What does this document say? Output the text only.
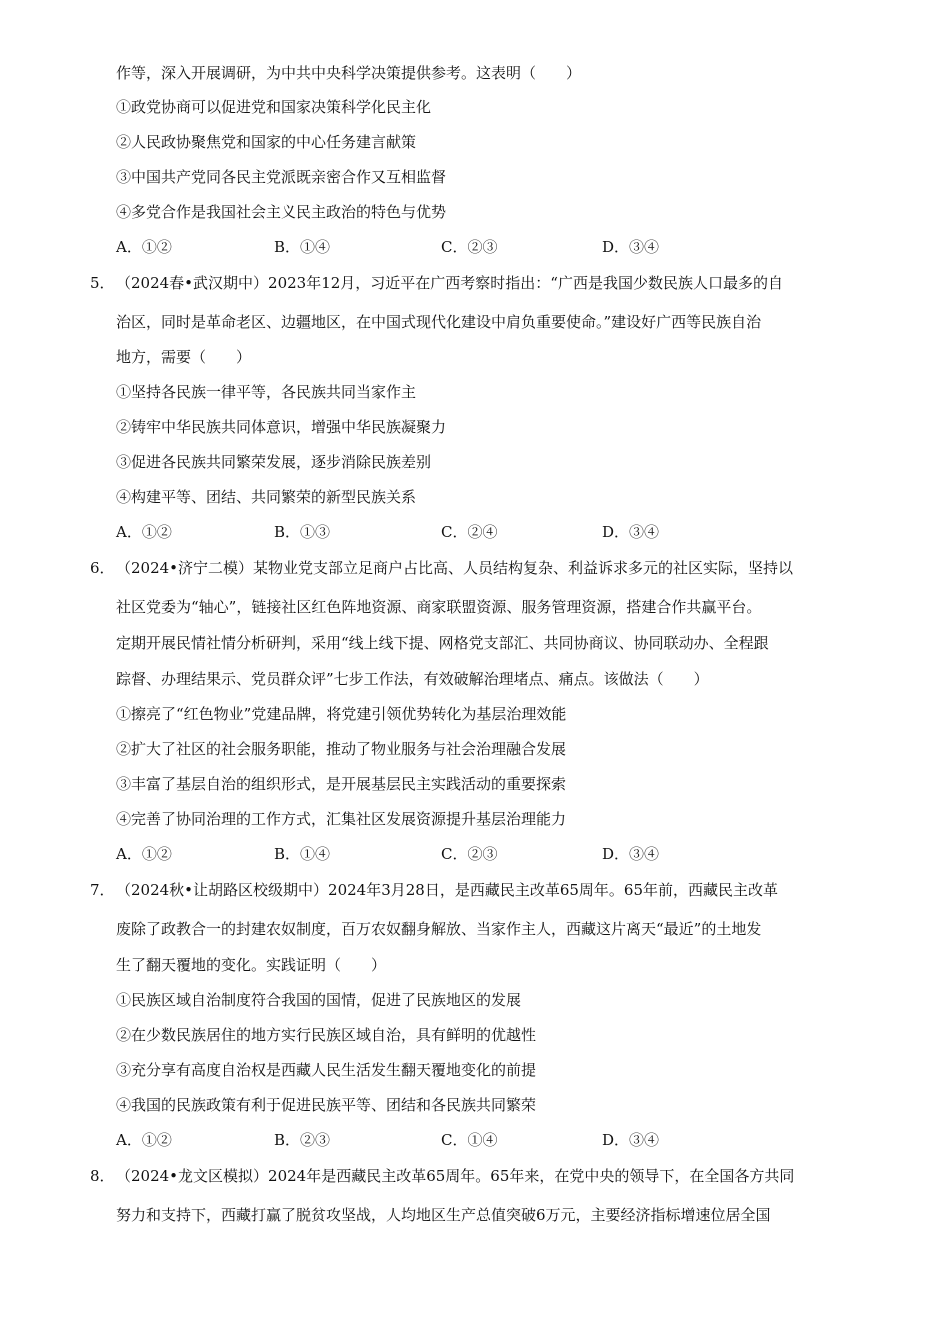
作等，深入开展调研，为中共中央科学决策提供参考。这表明（　　）
①政党协商可以促进党和国家决策科学化民主化
②人民政协聚焦党和国家的中心任务建言献策
③中国共产党同各民主党派既亲密合作又互相监督
④多党合作是我国社会主义民主政治的特色与优势
A．①②	B．①④	C．②③	D．③④
5． （2024春•武汉期中）2023年12月，习近平在广西考察时指出：“广西是我国少数民族人口最多的自
治区，同时是革命老区、边疆地区，在中国式现代化建设中肩负重要使命。”建设好广西等民族自治
地方，需要（　　）
①坚持各民族一律平等，各民族共同当家作主
②铸牢中华民族共同体意识，增强中华民族凝聚力
③促进各民族共同繁荣发展，逐步消除民族差别
④构建平等、团结、共同繁荣的新型民族关系
A．①②	B．①③	C．②④	D．③④
6． （2024•济宁二模）某物业党支部立足商户占比高、人员结构复杂、利益诉求多元的社区实际，坚持以
社区党委为“轴心”，链接社区红色阵地资源、商家联盟资源、服务管理资源，搭建合作共赢平台。
定期开展民情社情分析研判，采用“线上线下提、网格党支部汇、共同协商议、协同联动办、全程跟
踪督、办理结果示、党员群众评”七步工作法，有效破解治理堵点、痛点。该做法（　　）
①擦亮了“红色物业”党建品牌，将党建引领优势转化为基层治理效能
②扩大了社区的社会服务职能，推动了物业服务与社会治理融合发展
③丰富了基层自治的组织形式，是开展基层民主实践活动的重要探索
④完善了协同治理的工作方式，汇集社区发展资源提升基层治理能力
A．①②	B．①④	C．②③	D．③④
7． （2024秋•让胡路区校级期中）2024年3月28日，是西藏民主改革65周年。65年前，西藏民主改革
废除了政教合一的封建农奴制度，百万农奴翻身解放、当家作主人，西藏这片离天“最近”的土地发
生了翻天覆地的变化。实践证明（　　）
①民族区域自治制度符合我国的国情，促进了民族地区的发展
②在少数民族居住的地方实行民族区域自治，具有鲜明的优越性
③充分享有高度自治权是西藏人民生活发生翻天覆地变化的前提
④我国的民族政策有利于促进民族平等、团结和各民族共同繁荣
A．①②	B．②③	C．①④	D．③④
8． （2024•龙文区模拟）2024年是西藏民主改革65周年。65年来，在党中央的领导下，在全国各方共同
努力和支持下，西藏打赢了脱贫攻坚战，人均地区生产总值突破6万元，主要经济指标增速位居全国
